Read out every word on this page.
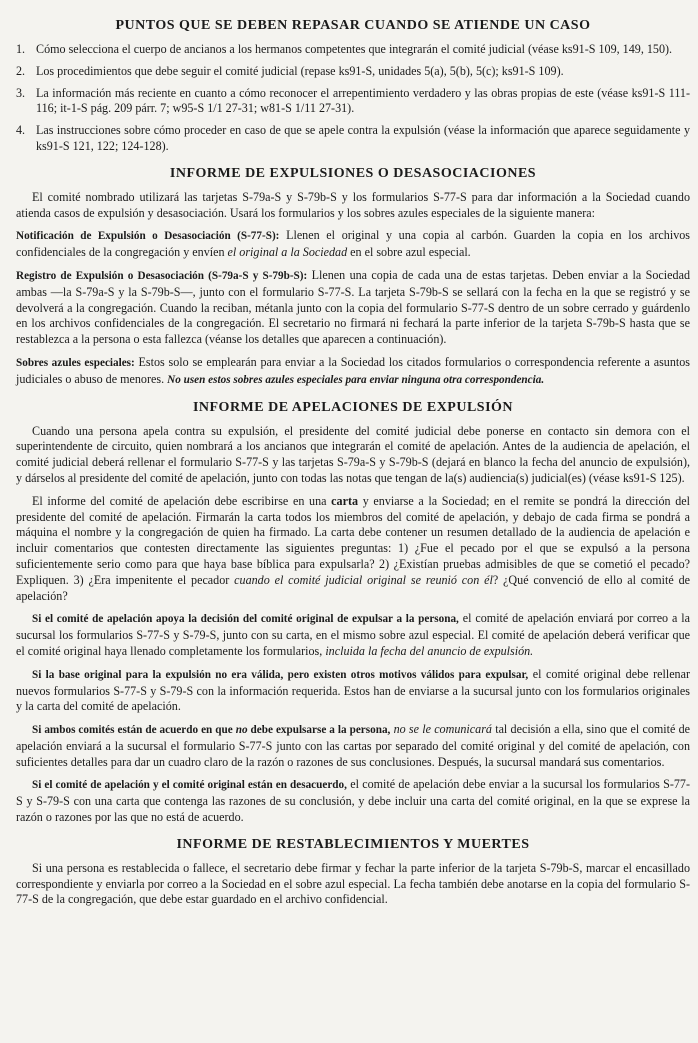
PUNTOS QUE SE DEBEN REPASAR CUANDO SE ATIENDE UN CASO
1. Cómo selecciona el cuerpo de ancianos a los hermanos competentes que integrarán el comité judicial (véase ks91-S 109, 149, 150).
2. Los procedimientos que debe seguir el comité judicial (repase ks91-S, unidades 5(a), 5(b), 5(c); ks91-S 109).
3. La información más reciente en cuanto a cómo reconocer el arrepentimiento verdadero y las obras propias de este (véase ks91-S 111-116; it-1-S pág. 209 párr. 7; w95-S 1/1 27-31; w81-S 1/11 27-31).
4. Las instrucciones sobre cómo proceder en caso de que se apele contra la expulsión (véase la información que aparece seguidamente y ks91-S 121, 122; 124-128).
INFORME DE EXPULSIONES O DESASOCIACIONES

El comité nombrado utilizará las tarjetas S-79a-S y S-79b-S y los formularios S-77-S para dar información a la Sociedad cuando atienda casos de expulsión y desasociación. Usará los formularios y los sobres azules especiales de la siguiente manera:

Notificación de Expulsión o Desasociación (S-77-S): Llenen el original y una copia al carbón. Guarden la copia en los archivos confidenciales de la congregación y envíen el original a la Sociedad en el sobre azul especial.

Registro de Expulsión o Desasociación (S-79a-S y S-79b-S): Llenen una copia de cada una de estas tarjetas. Deben enviar a la Sociedad ambas —la S-79a-S y la S-79b-S—, junto con el formulario S-77-S. La tarjeta S-79b-S se sellará con la fecha en la que se registró y se devolverá a la congregación. Cuando la reciban, métanla junto con la copia del formulario S-77-S dentro de un sobre cerrado y guárdenlo en los archivos confidenciales de la congregación. El secretario no firmará ni fechará la parte inferior de la tarjeta S-79b-S hasta que se restablezca a la persona o esta fallezca (véanse los detalles que aparecen a continuación).

Sobres azules especiales: Estos solo se emplearán para enviar a la Sociedad los citados formularios o correspondencia referente a asuntos judiciales o abuso de menores. No usen estos sobres azules especiales para enviar ninguna otra correspondencia.

INFORME DE APELACIONES DE EXPULSIÓN

Cuando una persona apela contra su expulsión, el presidente del comité judicial debe ponerse en contacto sin demora con el superintendente de circuito, quien nombrará a los ancianos que integrarán el comité de apelación. Antes de la audiencia de apelación, el comité judicial deberá rellenar el formulario S-77-S y las tarjetas S-79a-S y S-79b-S (dejará en blanco la fecha del anuncio de expulsión), y dárselos al presidente del comité de apelación, junto con todas las notas que tengan de la(s) audiencia(s) judicial(es) (véase ks91-S 125).

El informe del comité de apelación debe escribirse en una carta y enviarse a la Sociedad; en el remite se pondrá la dirección del presidente del comité de apelación. Firmarán la carta todos los miembros del comité de apelación, y debajo de cada firma se pondrá a máquina el nombre y la congregación de quien ha firmado. La carta debe contener un resumen detallado de la audiencia de apelación e incluir comentarios que contesten directamente las siguientes preguntas: 1) ¿Fue el pecado por el que se expulsó a la persona suficientemente serio como para que haya base bíblica para expulsarla? 2) ¿Existían pruebas admisibles de que se cometió el pecado? Expliquen. 3) ¿Era impenitente el pecador cuando el comité judicial original se reunió con él? ¿Qué convenció de ello al comité de apelación?

Si el comité de apelación apoya la decisión del comité original de expulsar a la persona, el comité de apelación enviará por correo a la sucursal los formularios S-77-S y S-79-S, junto con su carta, en el mismo sobre azul especial. El comité de apelación deberá verificar que el comité original haya llenado completamente los formularios, incluida la fecha del anuncio de expulsión.

Si la base original para la expulsión no era válida, pero existen otros motivos válidos para expulsar, el comité original debe rellenar nuevos formularios S-77-S y S-79-S con la información requerida. Estos han de enviarse a la sucursal junto con los formularios originales y la carta del comité de apelación.

Si ambos comités están de acuerdo en que no debe expulsarse a la persona, no se le comunicará tal decisión a ella, sino que el comité de apelación enviará a la sucursal el formulario S-77-S junto con las cartas por separado del comité original y del comité de apelación, con suficientes detalles para dar un cuadro claro de la razón o razones de sus conclusiones. Después, la sucursal mandará sus comentarios.

Si el comité de apelación y el comité original están en desacuerdo, el comité de apelación debe enviar a la sucursal los formularios S-77-S y S-79-S con una carta que contenga las razones de su conclusión, y debe incluir una carta del comité original, en la que se exprese la razón o razones por las que no está de acuerdo.

INFORME DE RESTABLECIMIENTOS Y MUERTES

Si una persona es restablecida o fallece, el secretario debe firmar y fechar la parte inferior de la tarjeta S-79b-S, marcar el encasillado correspondiente y enviarla por correo a la Sociedad en el sobre azul especial. La fecha también debe anotarse en la copia del formulario S-77-S de la congregación, que debe estar guardado en el archivo confidencial.
